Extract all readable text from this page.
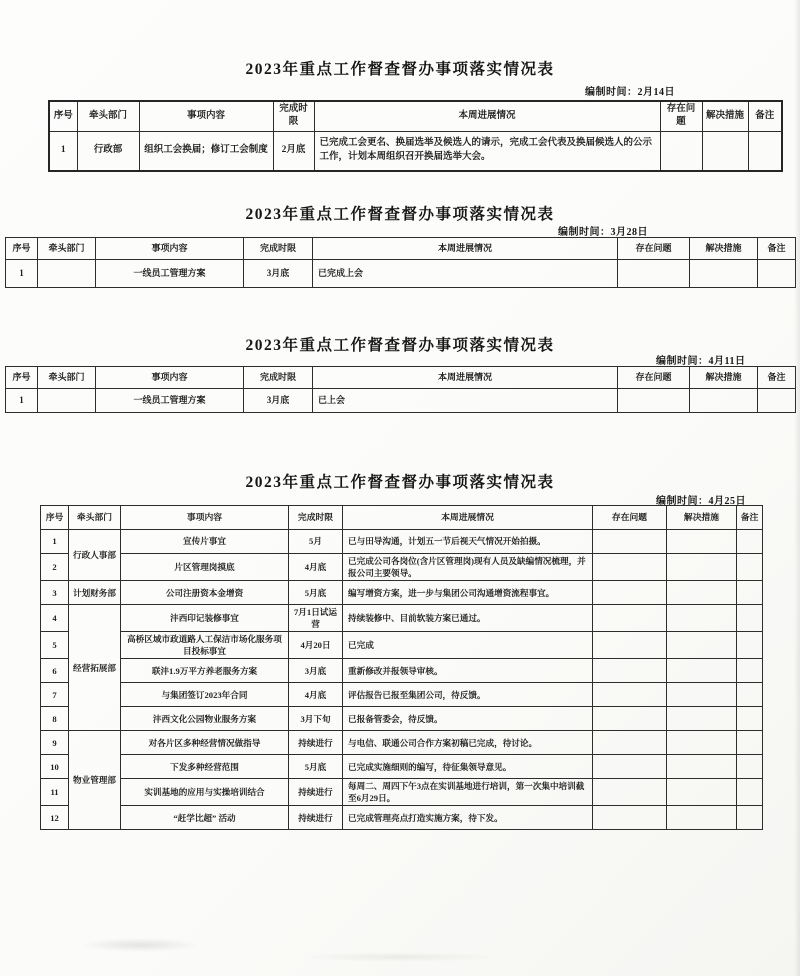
2023年重点工作督查督办事项落实情况表
编制时间：2月14日
序号	牵头部门	事项内容	完成时限	本周进展情况	存在问题	解决措施	备注
1	行政部	组织工会换届；修订工会制度	2月底	已完成工会更名、换届选举及候选人的请示，完成工会代表及换届候选人的公示工作，计划本周组织召开换届选举大会。			
2023年重点工作督查督办事项落实情况表
编制时间：3月28日
序号	牵头部门	事项内容	完成时限	本周进展情况	存在问题	解决措施	备注
1		一线员工管理方案	3月底	已完成上会			
2023年重点工作督查督办事项落实情况表
编制时间：4月11日
序号	牵头部门	事项内容	完成时限	本周进展情况	存在问题	解决措施	备注
1		一线员工管理方案	3月底	已上会			
2023年重点工作督查督办事项落实情况表
编制时间：4月25日
序号	牵头部门	事项内容	完成时限	本周进展情况	存在问题	解决措施	备注
1	行政人事部	宣传片事宜	5月	已与田导沟通，计划五一节后视天气情况开始拍摄。			
2		片区管理岗摸底	4月底	已完成公司各岗位(含片区管理岗)现有人员及缺编情况梳理，并报公司主要领导。			
3	计划财务部	公司注册资本金增资	5月底	编写增资方案，进一步与集团公司沟通增资流程事宜。			
4	经营拓展部	沣西印记装修事宜	7月1日试运营	持续装修中、目前软装方案已通过。			
5		高桥区域市政道路人工保洁市场化服务项目投标事宜	4月20日	已完成			
6		联沣1.9万平方养老服务方案	3月底	重新修改并报领导审核。			
7		与集团签订2023年合同	4月底	评估报告已报至集团公司，待反馈。			
8		沣西文化公园物业服务方案	3月下旬	已报备管委会，待反馈。			
9	物业管理部	对各片区多种经营情况做指导	持续进行	与电信、联通公司合作方案初稿已完成，待讨论。			
10		下发多种经营范围	5月底	已完成实施细则的编写，待征集领导意见。			
11		实训基地的应用与实操培训结合	持续进行	每周二、周四下午3点在实训基地进行培训，第一次集中培训截至6月29日。			
12		“赶学比超” 活动	持续进行	已完成管理亮点打造实施方案，待下发。			
